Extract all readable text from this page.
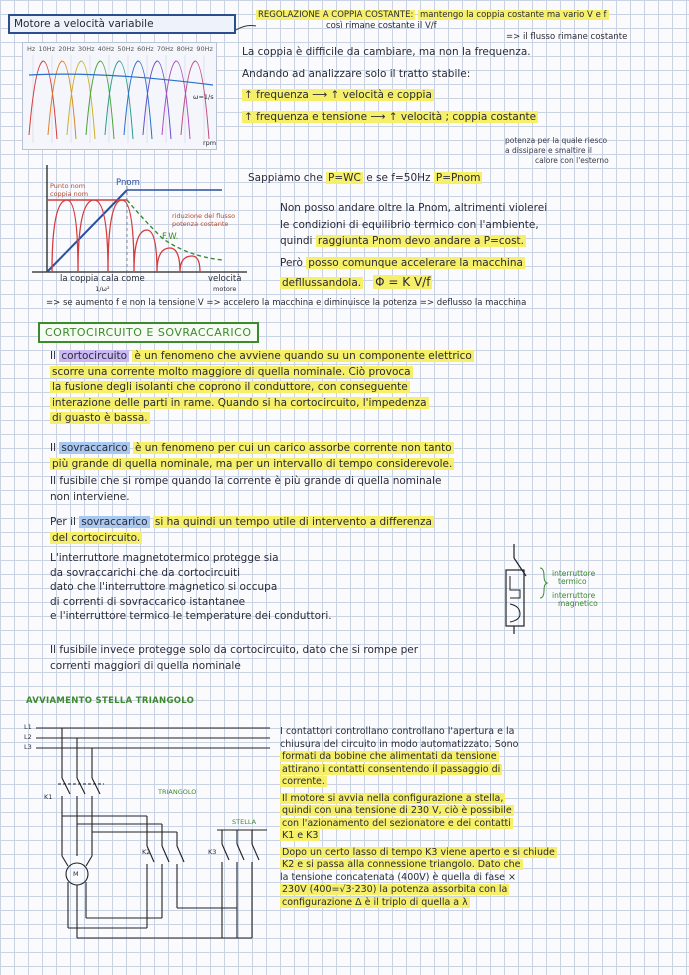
Motore a velocità variabile
REGOLAZIONE A COPPIA COSTANTE: mantengo la coppia costante ma vario V e f
così rimane costante il V/f
=> il flusso rimane costante
Hz 10Hz 20Hz 30Hz 40Hz 50Hz 60Hz 70Hz 80Hz 90Hz
ω=1/s
rpm
La coppia è difficile da cambiare, ma non la frequenza.
Andando ad analizzare solo il tratto stabile:
↑ frequenza ⟶ ↑ velocità e coppia
↑ frequenza e tensione ⟶ ↑ velocità ; coppia costante
potenza per la quale riesco
a dissipare e smaltire il
calore con l'esterno
Pnom
Punto nom
coppia nom
riduzione del flusso
potenza costante
F.W.
la coppia cala come
1/ω²
velocità
motore
Sappiamo che P=WC e se f=50Hz P=Pnom
Non posso andare oltre la Pnom, altrimenti violerei
le condizioni di equilibrio termico con l'ambiente,
quindi raggiunta Pnom devo andare a P=cost.
Però posso comunque accelerare la macchina
defllussandola. Φ = K V/f
=> se aumento f e non la tensione V => accelero la macchina e diminuisce la potenza => deflusso la macchina
CORTOCIRCUITO E SOVRACCARICO
Il cortocircuito è un fenomeno che avviene quando su un componente elettrico
scorre una corrente molto maggiore di quella nominale. Ciò provoca
la fusione degli isolanti che coprono il conduttore, con conseguente
interazione delle parti in rame. Quando si ha cortocircuito, l'impedenza
di guasto è bassa.
Il sovraccarico è un fenomeno per cui un carico assorbe corrente non tanto
più grande di quella nominale, ma per un intervallo di tempo considerevole.
Il fusibile che si rompe quando la corrente è più grande di quella nominale
non interviene.
Per il sovraccarico si ha quindi un tempo utile di intervento a differenza
del cortocircuito.
L'interruttore magnetotermico protegge sia
da sovraccarichi che da cortocircuiti
dato che l'interruttore magnetico si occupa
di correnti di sovraccarico istantanee
e l'interruttore termico le temperature dei conduttori.
interruttore
termico
interruttore
magnetico
Il fusibile invece protegge solo da cortocircuito, dato che si rompe per
correnti maggiori di quella nominale
AVVIAMENTO STELLA TRIANGOLO
L1
L2
L3
K1
K2	K3
TRIANGOLO
STELLA
M
I contattori controllano controllano l'apertura e la
chiusura del circuito in modo automatizzato. Sono
formati da bobine che alimentati da tensione
attirano i contatti consentendo il passaggio di
corrente.
Il motore si avvia nella configurazione a stella,
quindi con una tensione di 230 V, ciò è possibile
con l'azionamento del sezionatore e dei contatti
K1 e K3
Dopo un certo lasso di tempo K3 viene aperto e si chiude
K2 e si passa alla connessione triangolo. Dato che
la tensione concatenata (400V) è quella di fase ×
230V (400=√3·230) la potenza assorbita con la
configurazione Δ è il triplo di quella a λ
